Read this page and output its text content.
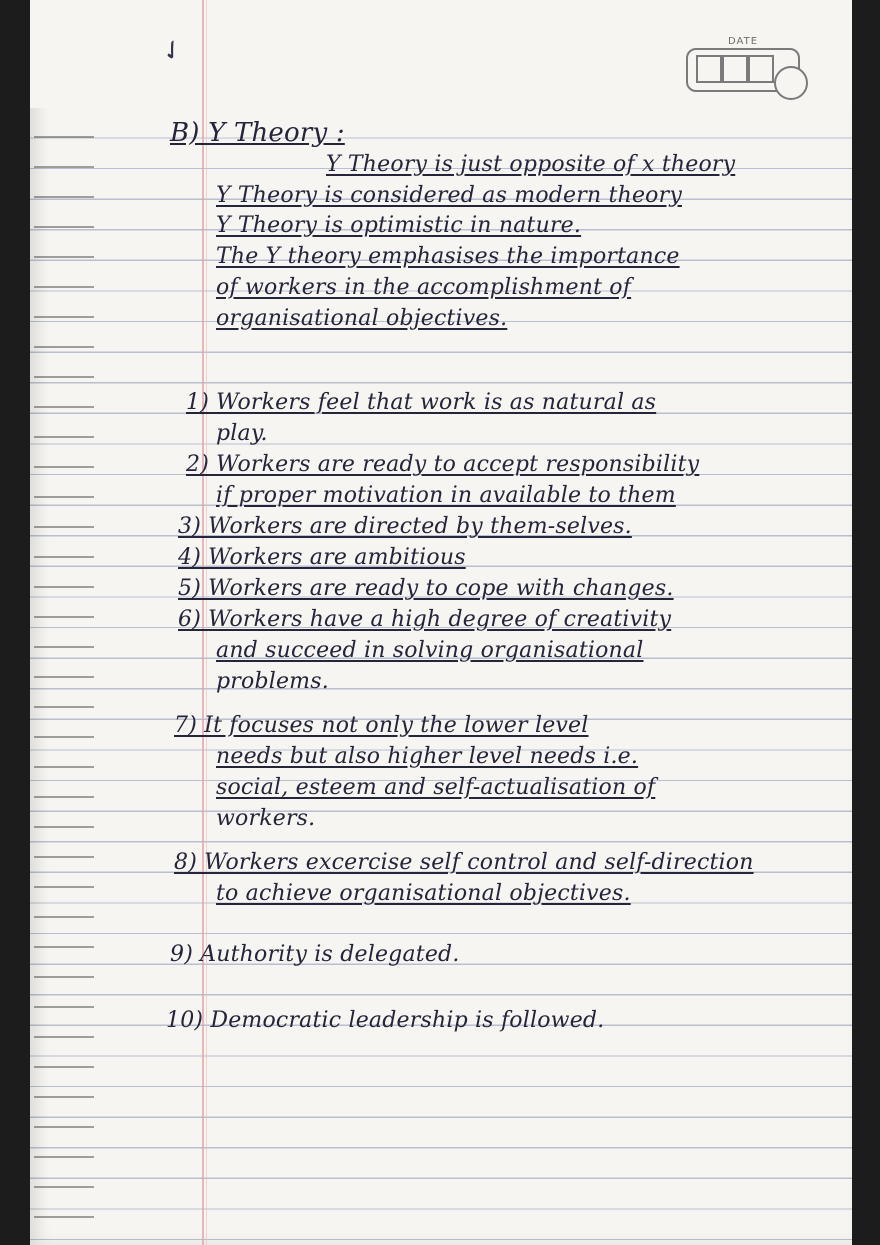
✓	DATE
B) Y Theory :
Y Theory is just opposite of x theory
Y Theory is considered as modern theory
Y Theory is optimistic in nature.
The Y theory emphasises the importance
of workers in the accomplishment of
organisational objectives.
1) Workers feel that work is as natural as
play.
2) Workers are ready to accept responsibility
if proper motivation in available to them
3) Workers are directed by them-selves.
4) Workers are ambitious
5) Workers are ready to cope with changes.
6) Workers have a high degree of creativity
and succeed in solving organisational
problems.
7) It focuses not only the lower level
needs but also higher level needs i.e.
social, esteem and self-actualisation of
workers.
8) Workers excercise self control and self-direction
to achieve organisational objectives.
9) Authority is delegated.
10) Democratic leadership is followed.
